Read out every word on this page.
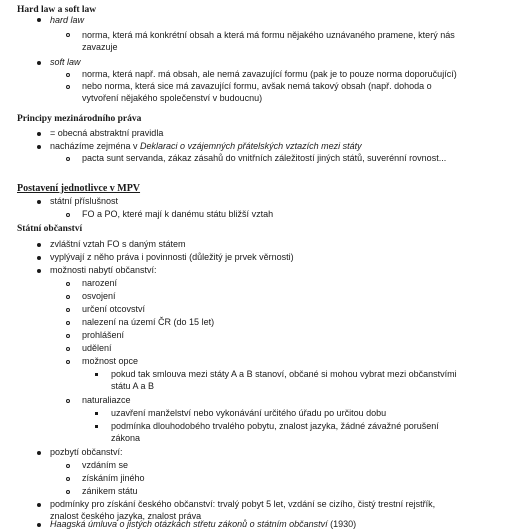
Hard law a soft law
hard law
norma, která má konkrétní obsah a která má formu nějakého uznávaného pramene, který nás
zavazuje
soft law
norma, která např. má obsah, ale nemá zavazující formu (pak je to pouze norma doporučující)
nebo norma, která sice má zavazující formu, avšak nemá takový obsah (např. dohoda o
vytvoření nějakého společenství v budoucnu)
Principy mezinárodního práva
= obecná abstraktní pravidla
nacházíme zejména v Deklaraci o vzájemných přátelských vztazích mezi státy
pacta sunt servanda, zákaz zásahů do vnitřních záležitostí jiných států, suverénní rovnost...
Postavení jednotlivce v MPV
státní příslušnost
FO a PO, které mají k danému státu bližší vztah
Státní občanství
zvláštní vztah FO s daným státem
vyplývají z něho práva i povinnosti (důležitý je prvek věrnosti)
možnosti nabytí občanství:
narození
osvojení
určení otcovství
nalezení na území ČR (do 15 let)
prohlášení
udělení
možnost opce
pokud tak smlouva mezi státy A a B stanoví, občané si mohou vybrat mezi občanstvími
státu A a B
naturaliazce
uzavření manželství nebo vykonávání určitého úřadu po určitou dobu
podmínka dlouhodobého trvalého pobytu, znalost jazyka, žádné závažné porušení
zákona
pozbytí občanství:
vzdáním se
získáním jiného
zánikem státu
podmínky pro získání českého občanství: trvalý pobyt 5 let, vzdání se cizího, čistý trestní rejstřík,
znalost českého jazyka, znalost práva
Haagská úmluva o jistých otázkách střetu zákonů o státním občanství (1930)
